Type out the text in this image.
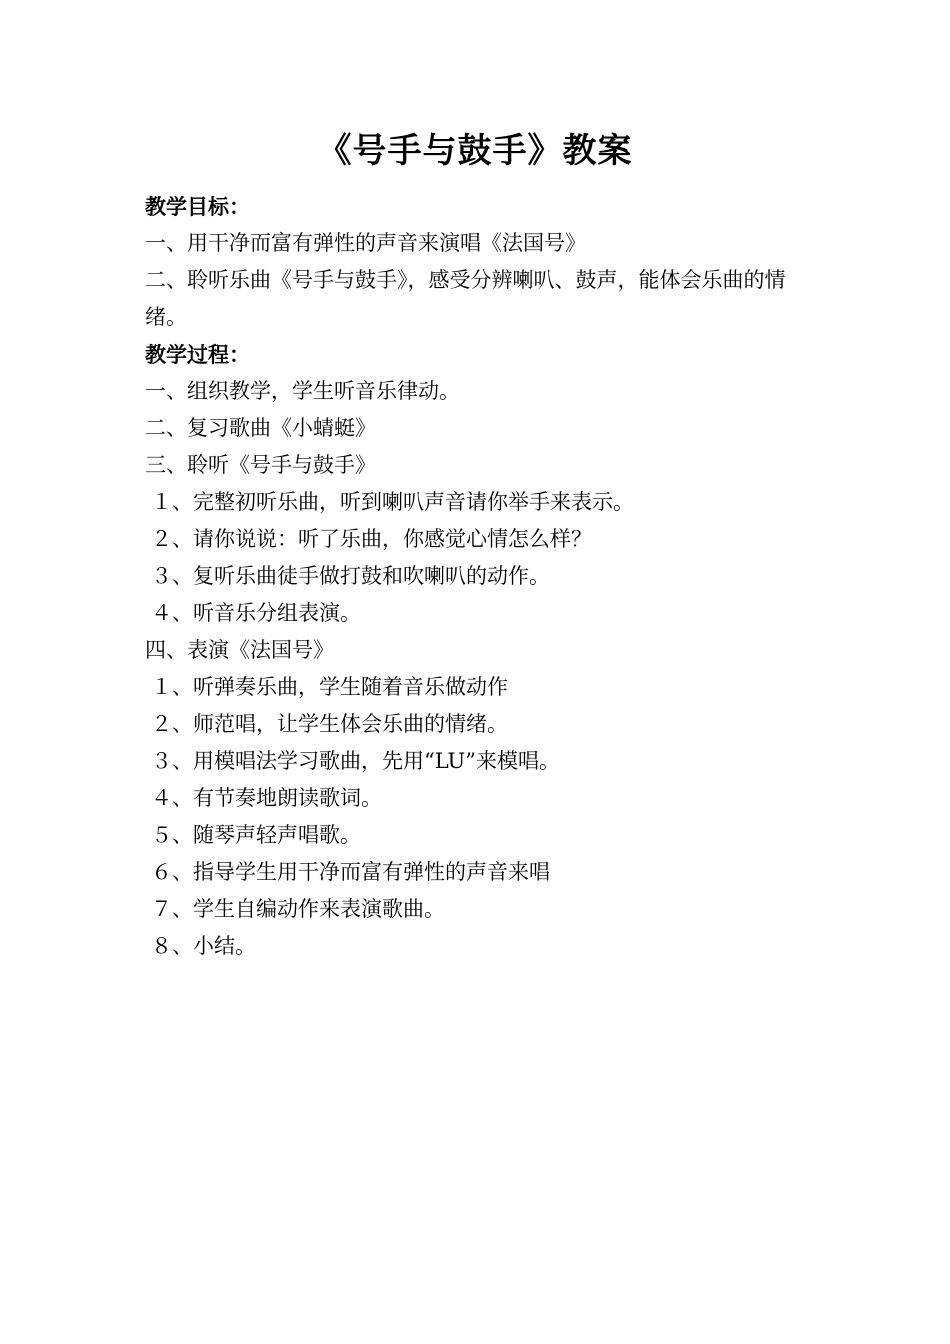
《号手与鼓手》教案
教学目标：
一、用干净而富有弹性的声音来演唱《法国号》
二、聆听乐曲《号手与鼓手》，感受分辨喇叭、鼓声，能体会乐曲的情绪。
教学过程：
一、组织教学，学生听音乐律动。
二、复习歌曲《小蜻蜓》
三、聆听《号手与鼓手》
１、完整初听乐曲，听到喇叭声音请你举手来表示。
２、请你说说：听了乐曲，你感觉心情怎么样？
３、复听乐曲徒手做打鼓和吹喇叭的动作。
４、听音乐分组表演。
四、表演《法国号》
１、听弹奏乐曲，学生随着音乐做动作
２、师范唱，让学生体会乐曲的情绪。
３、用模唱法学习歌曲，先用“LU”来模唱。
４、有节奏地朗读歌词。
５、随琴声轻声唱歌。
６、指导学生用干净而富有弹性的声音来唱
７、学生自编动作来表演歌曲。
８、小结。
